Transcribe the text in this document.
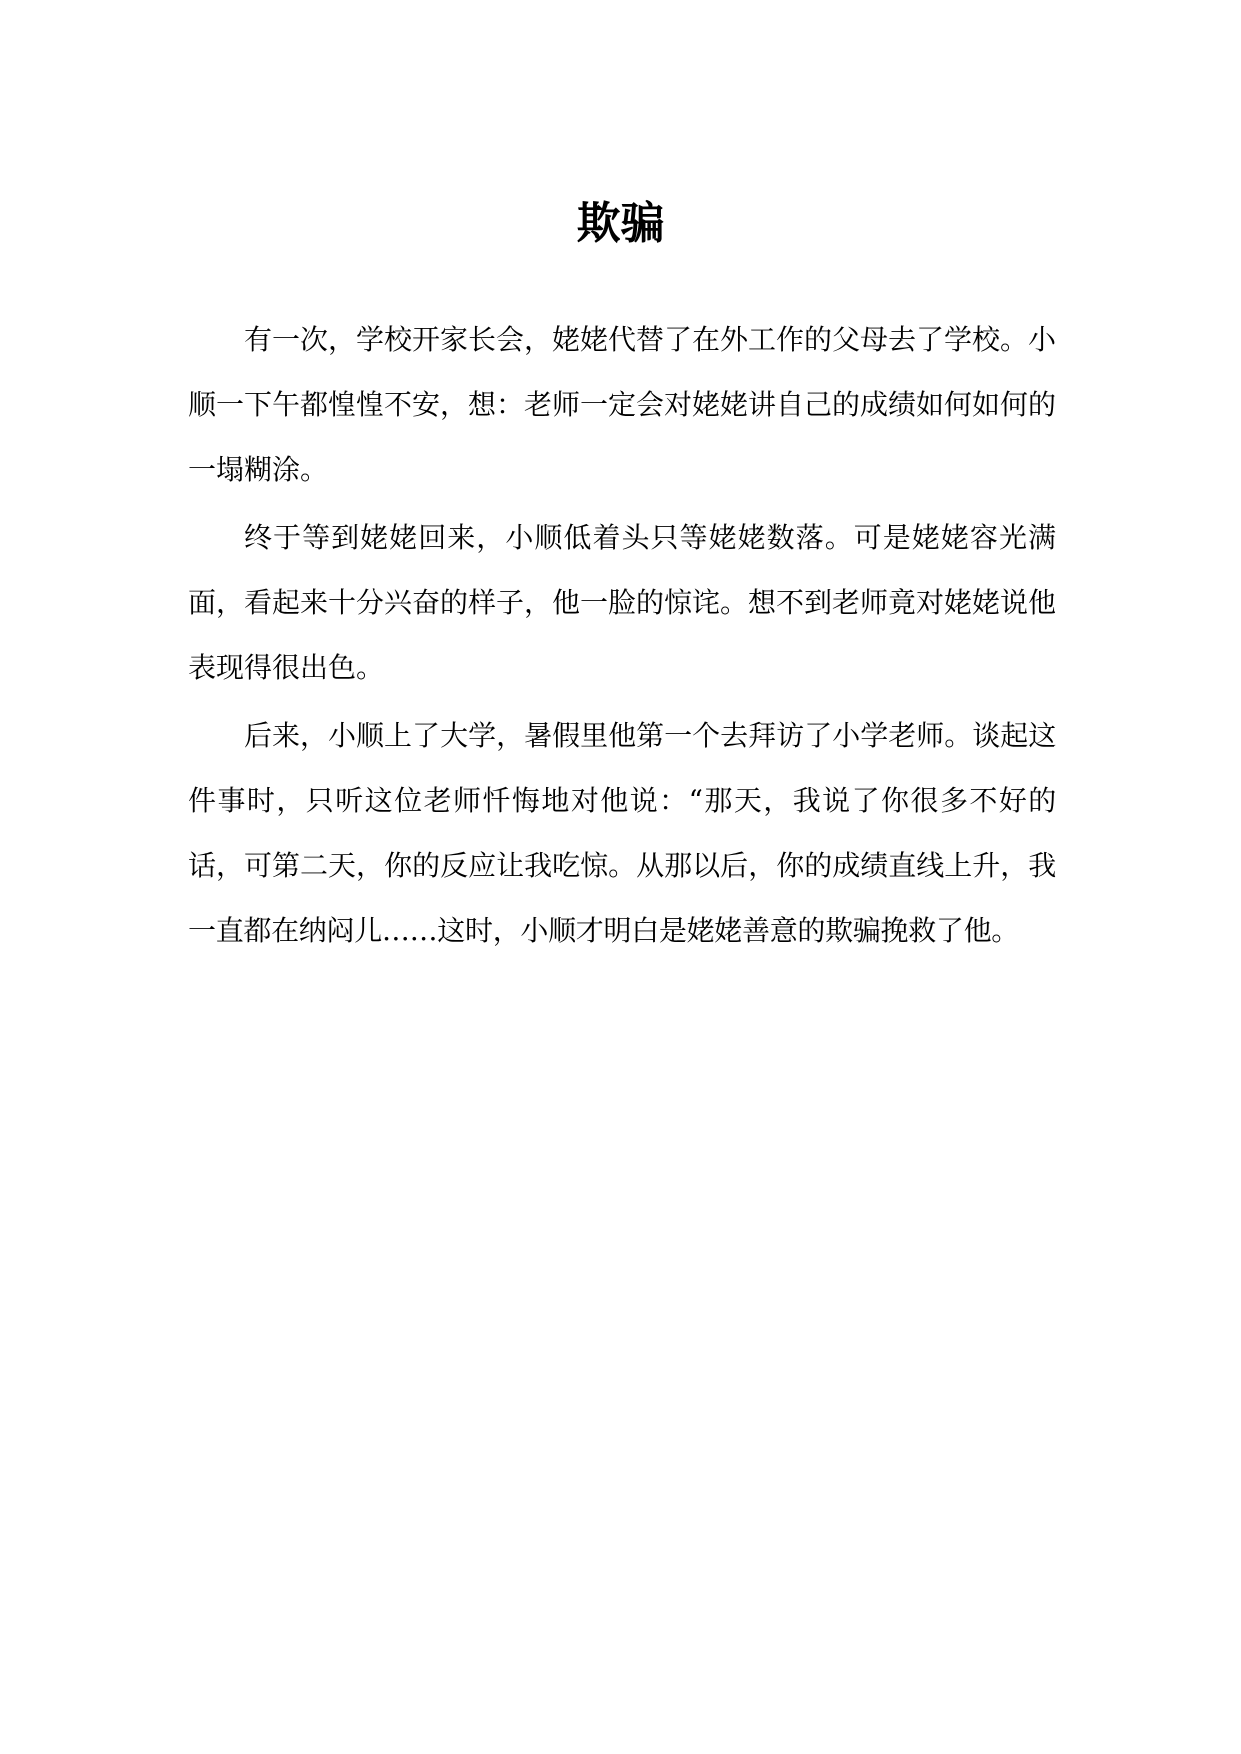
欺骗

有一次，学校开家长会，姥姥代替了在外工作的父母去了学校。小顺一下午都惶惶不安，想：老师一定会对姥姥讲自己的成绩如何如何的一塌糊涂。

终于等到姥姥回来，小顺低着头只等姥姥数落。可是姥姥容光满面，看起来十分兴奋的样子，他一脸的惊诧。想不到老师竟对姥姥说他表现得很出色。

后来，小顺上了大学，暑假里他第一个去拜访了小学老师。谈起这件事时，只听这位老师忏悔地对他说：“那天，我说了你很多不好的话，可第二天，你的反应让我吃惊。从那以后，你的成绩直线上升，我一直都在纳闷儿……这时，小顺才明白是姥姥善意的欺骗挽救了他。
